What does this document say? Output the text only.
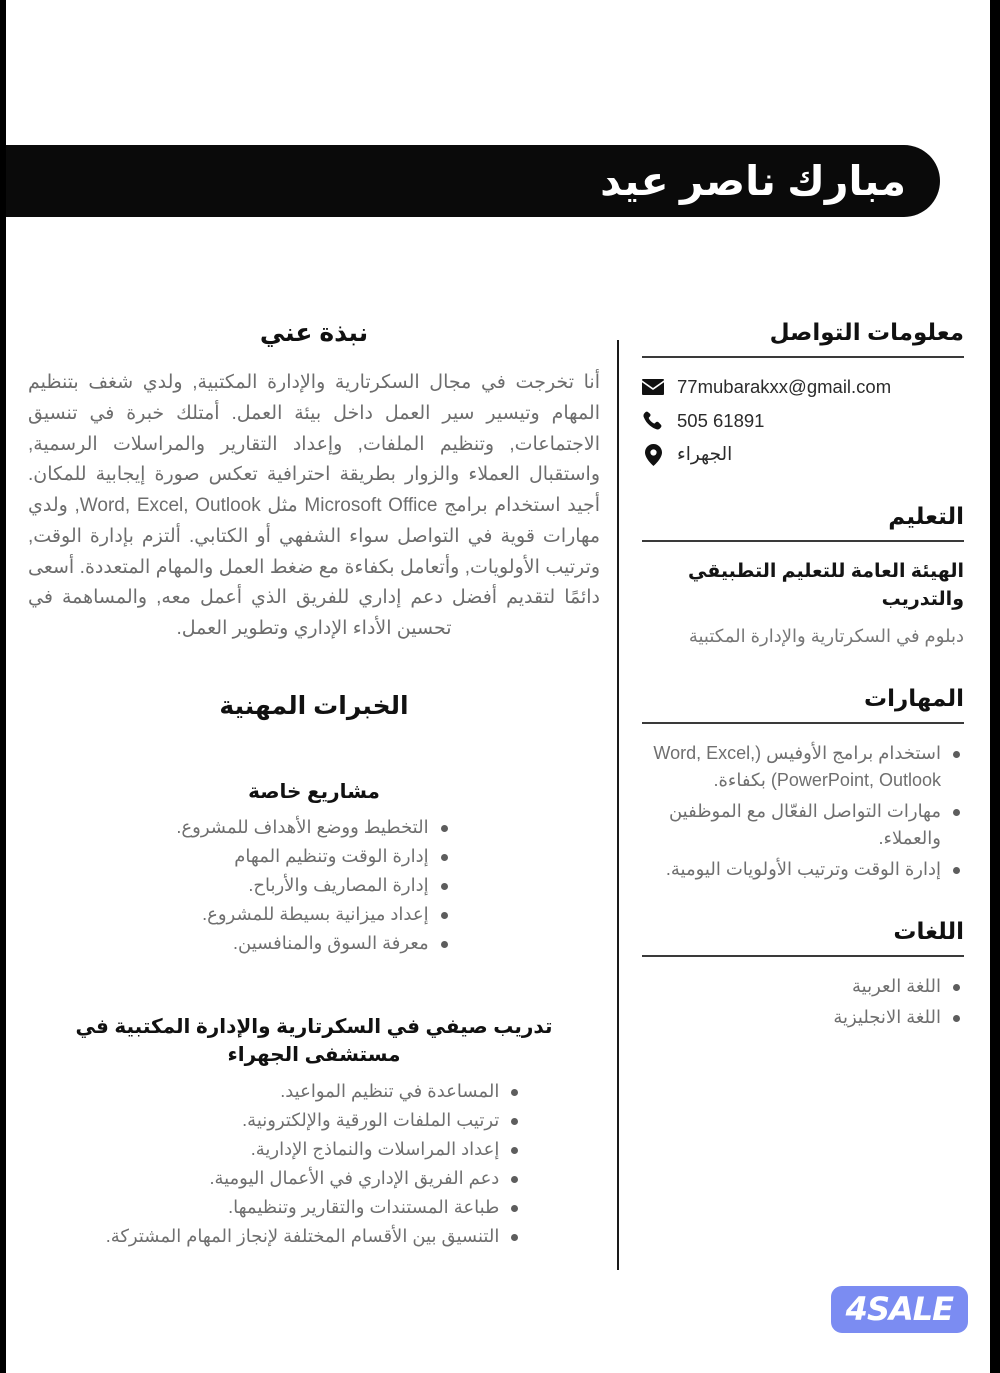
مبارك ناصر عيد
معلومات التواصل
77mubarakxx@gmail.com
505 61891
الجهراء
التعليم
الهيئة العامة للتعليم التطبيقي والتدريب
دبلوم في السكرتارية والإدارة المكتبية
المهارات
استخدام برامج الأوفيس (Word, Excel, PowerPoint, Outlook) بكفاءة.
مهارات التواصل الفعّال مع الموظفين والعملاء.
إدارة الوقت وترتيب الأولويات اليومية.
اللغات
اللغة العربية
اللغة الانجليزية
نبذة عني

أنا تخرجت في مجال السكرتارية والإدارة المكتبية, ولدي شغف بتنظيم المهام وتيسير سير العمل داخل بيئة العمل. أمتلك خبرة في تنسيق الاجتماعات, وتنظيم الملفات, وإعداد التقارير والمراسلات الرسمية, واستقبال العملاء والزوار بطريقة احترافية تعكس صورة إيجابية للمكان. أجيد استخدام برامج Microsoft Office مثل Word, Excel, Outlook, ولدي مهارات قوية في التواصل سواء الشفهي أو الكتابي. ألتزم بإدارة الوقت, وترتيب الأولويات, وأتعامل بكفاءة مع ضغط العمل والمهام المتعددة. أسعى دائمًا لتقديم أفضل دعم إداري للفريق الذي أعمل معه, والمساهمة في تحسين الأداء الإداري وتطوير العمل.

الخبرات المهنية
مشاريع خاصة
التخطيط ووضع الأهداف للمشروع.
إدارة الوقت وتنظيم المهام
إدارة المصاريف والأرباح.
إعداد ميزانية بسيطة للمشروع.
معرفة السوق والمنافسين.
تدريب صيفي في السكرتارية والإدارة المكتبية في مستشفى الجهراء
المساعدة في تنظيم المواعيد.
ترتيب الملفات الورقية والإلكترونية.
إعداد المراسلات والنماذج الإدارية.
دعم الفريق الإداري في الأعمال اليومية.
طباعة المستندات والتقارير وتنظيمها.
التنسيق بين الأقسام المختلفة لإنجاز المهام المشتركة.
4SALE
